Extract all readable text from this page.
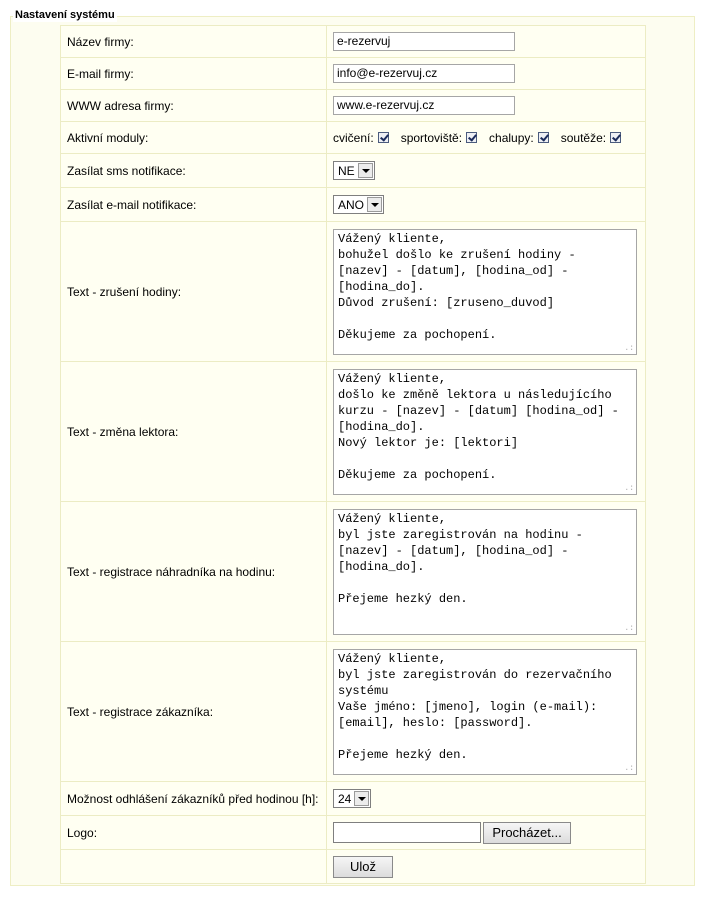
Nastavení systému
Název firmy:	e-rezervuj

E-mail firmy:	info@e-rezervuj.cz

WWW adresa firmy:	www.e-rezervuj.cz

Aktivní moduly:	cvičení: sportoviště: chalupy: soutěže:

Zasílat sms notifikace:	NE

Zasílat e-mail notifikace:	ANO

Text - zrušení hodiny:	Vážený kliente,
bohužel došlo ke zrušení hodiny - [nazev] - [datum], [hodina_od] - [hodina_do].
Důvod zrušení: [zruseno_duvod]

Děkujeme za pochopení.
.:

Text - změna lektora:	Vážený kliente,
došlo ke změně lektora u následujícího kurzu - [nazev] - [datum] [hodina_od] - [hodina_do].
Nový lektor je: [lektori]

Děkujeme za pochopení.
.:

Text - registrace náhradníka na hodinu:	Vážený kliente,
byl jste zaregistrován na hodinu - [nazev] - [datum], [hodina_od] - [hodina_do].

Přejeme hezký den.
.:

Text - registrace zákazníka:	Vážený kliente,
byl jste zaregistrován do rezervačního systému
Vaše jméno: [jmeno], login (e-mail): [email], heslo: [password].

Přejeme hezký den.
.:

Možnost odhlášení zákazníků před hodinou [h]:	24

Logo:	Procházet...

	Ulož
